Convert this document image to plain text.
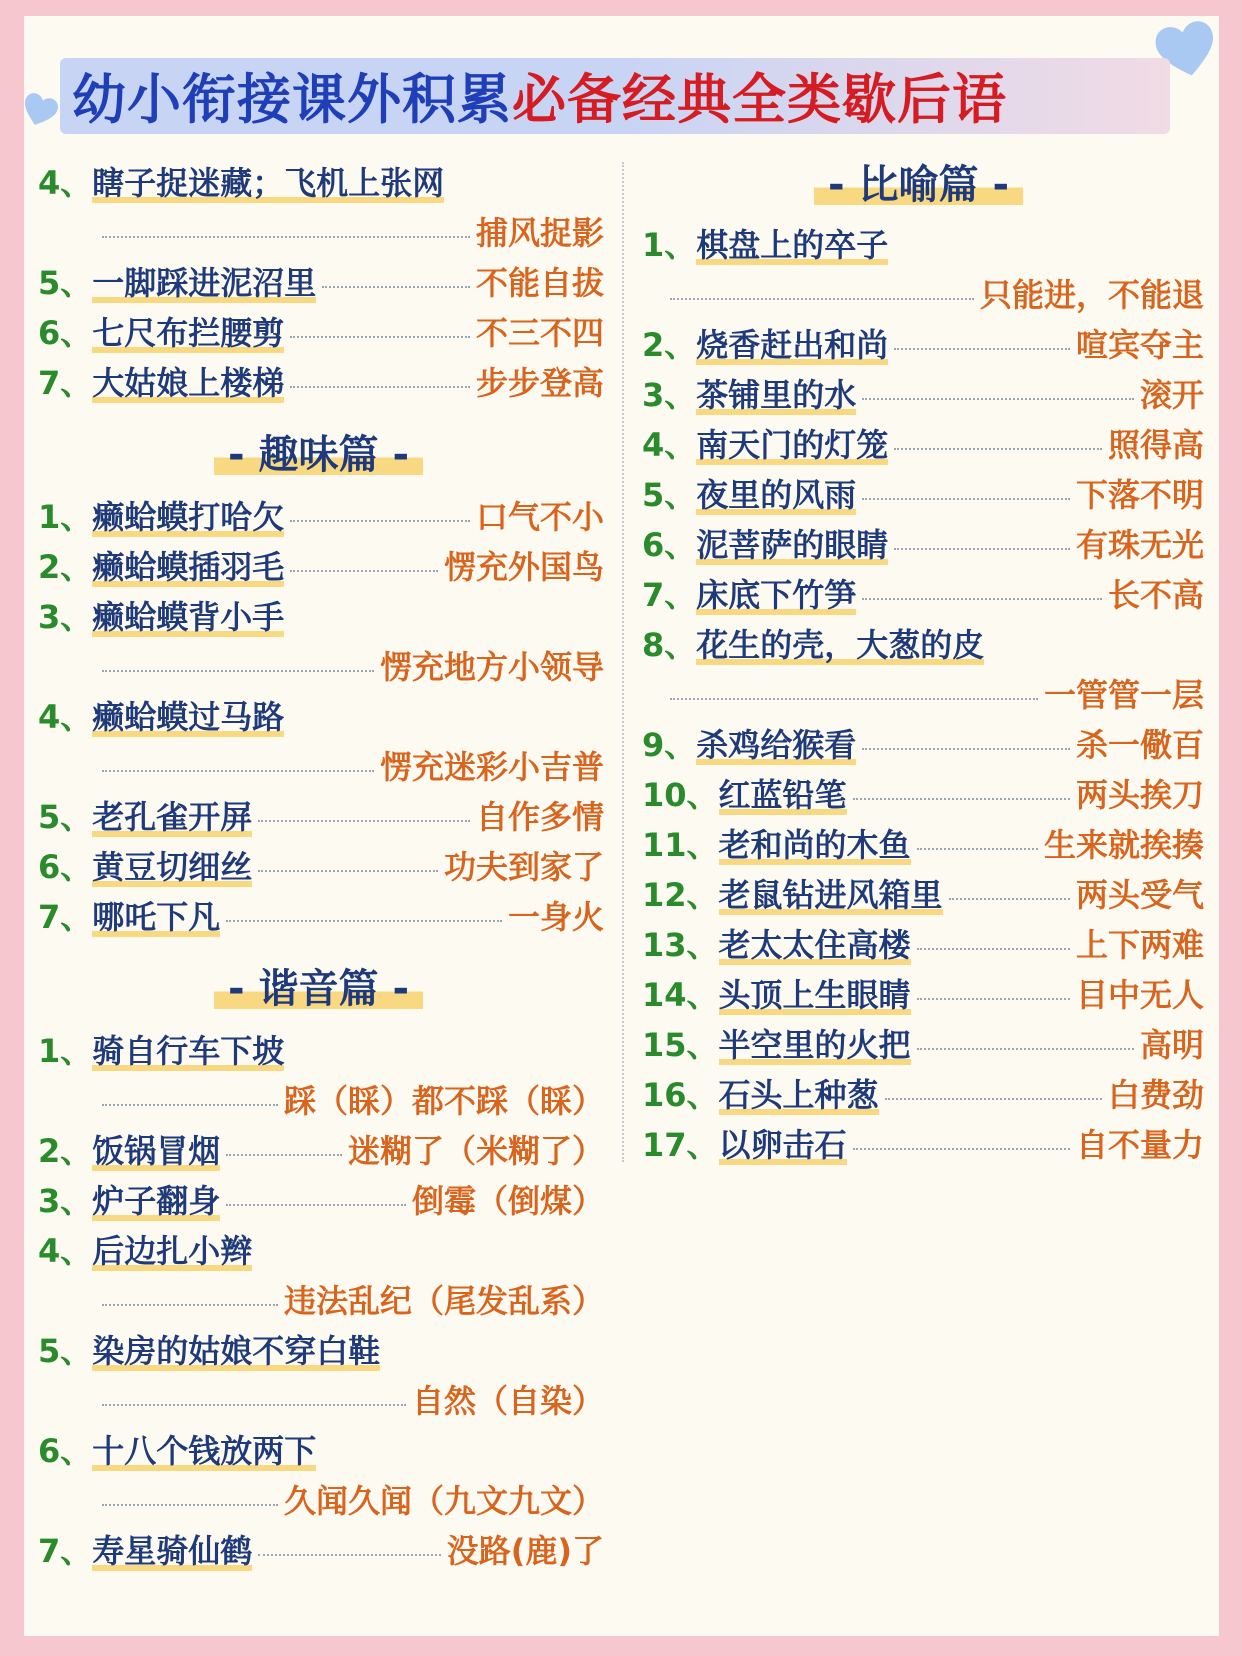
幼小衔接课外积累必备经典全类歇后语
4、 瞎子捉迷藏；飞机上张网
捕风捉影
5、 一脚踩进泥沼里	不能自拔
6、 七尺布拦腰剪	不三不四
7、 大姑娘上楼梯	步步登高
- 趣味篇 -
1、 癞蛤蟆打哈欠	口气不小
2、 癞蛤蟆插羽毛	愣充外国鸟
3、 癞蛤蟆背小手
愣充地方小领导
4、 癞蛤蟆过马路
愣充迷彩小吉普
5、 老孔雀开屏	自作多情
6、 黄豆切细丝	功夫到家了
7、 哪吒下凡	一身火
- 谐音篇 -
1、 骑自行车下坡
踩（睬）都不踩（睬）
2、 饭锅冒烟	迷糊了（米糊了）
3、 炉子翻身	倒霉（倒煤）
4、 后边扎小辫
违法乱纪（尾发乱系）
5、 染房的姑娘不穿白鞋
自然（自染）
6、 十八个钱放两下
久闻久闻（九文九文）
7、 寿星骑仙鹤	没路(鹿)了
- 比喻篇 -
1、 棋盘上的卒子
只能进，不能退
2、 烧香赶出和尚	喧宾夺主
3、 茶铺里的水	滚开
4、 南天门的灯笼	照得高
5、 夜里的风雨	下落不明
6、 泥菩萨的眼睛	有珠无光
7、 床底下竹笋	长不高
8、 花生的壳，大葱的皮
一管管一层
9、 杀鸡给猴看	杀一儆百
10、 红蓝铅笔	两头挨刀
11、 老和尚的木鱼	生来就挨揍
12、 老鼠钻进风箱里	两头受气
13、 老太太住高楼	上下两难
14、 头顶上生眼睛	目中无人
15、 半空里的火把	高明
16、 石头上种葱	白费劲
17、 以卵击石	自不量力
